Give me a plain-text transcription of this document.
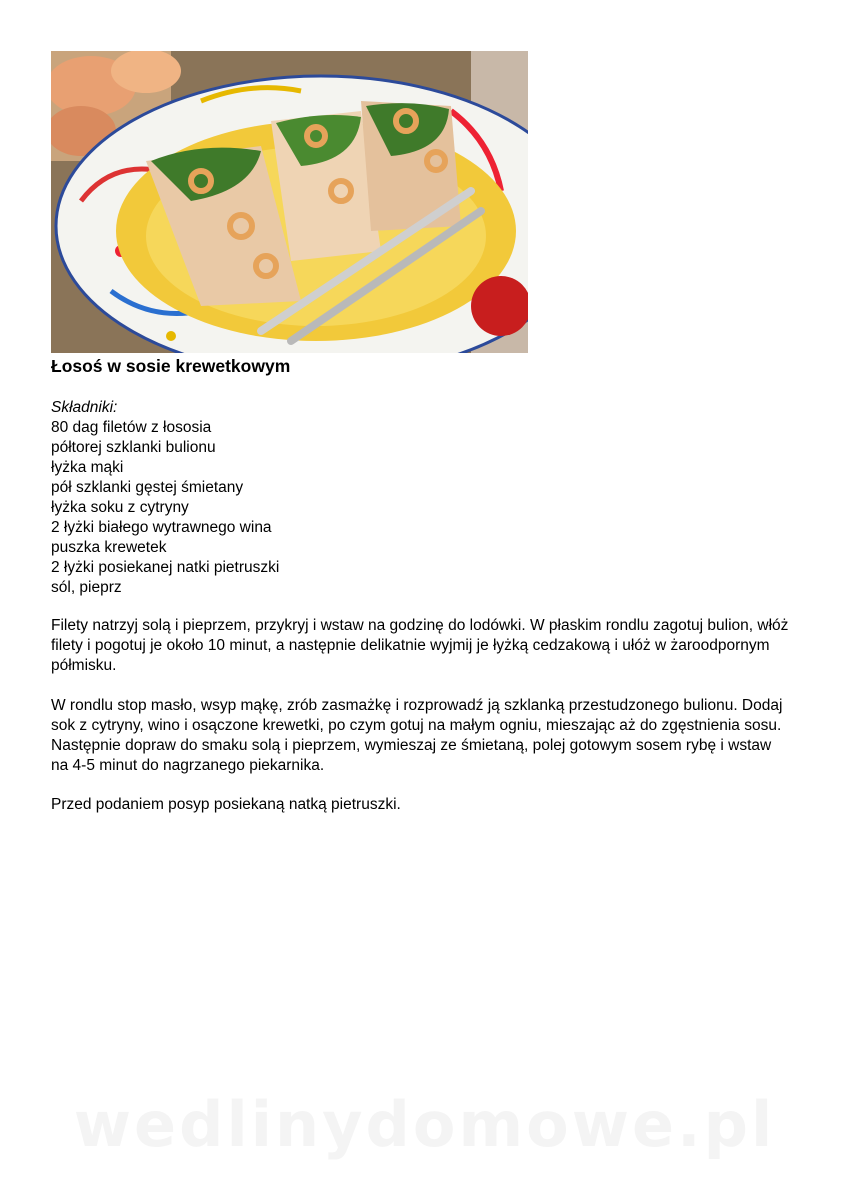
Łosoś w sosie krewetkowym
Składniki:
80 dag filetów z łososia
półtorej szklanki bulionu
łyżka mąki
pół szklanki gęstej śmietany
łyżka soku z cytryny
2 łyżki białego wytrawnego wina
puszka krewetek
2 łyżki posiekanej natki pietruszki
sól, pieprz

Filety natrzyj solą i pieprzem, przykryj i wstaw na godzinę do lodówki. W płaskim rondlu zagotuj bulion, włóż filety i pogotuj je około 10 minut, a następnie delikatnie wyjmij je łyżką cedzakową i ułóż w żaroodpornym półmisku.

W rondlu stop masło, wsyp mąkę, zrób zasmażkę i rozprowadź ją szklanką przestudzonego bulionu. Dodaj sok z cytryny, wino i osączone krewetki, po czym gotuj na małym ogniu, mieszając aż do zgęstnienia sosu. Następnie dopraw do smaku solą i pieprzem, wymieszaj ze śmietaną, polej gotowym sosem rybę i wstaw na 4-5 minut do nagrzanego piekarnika.

Przed podaniem posyp posiekaną natką pietruszki.

wedlinydomowe.pl
